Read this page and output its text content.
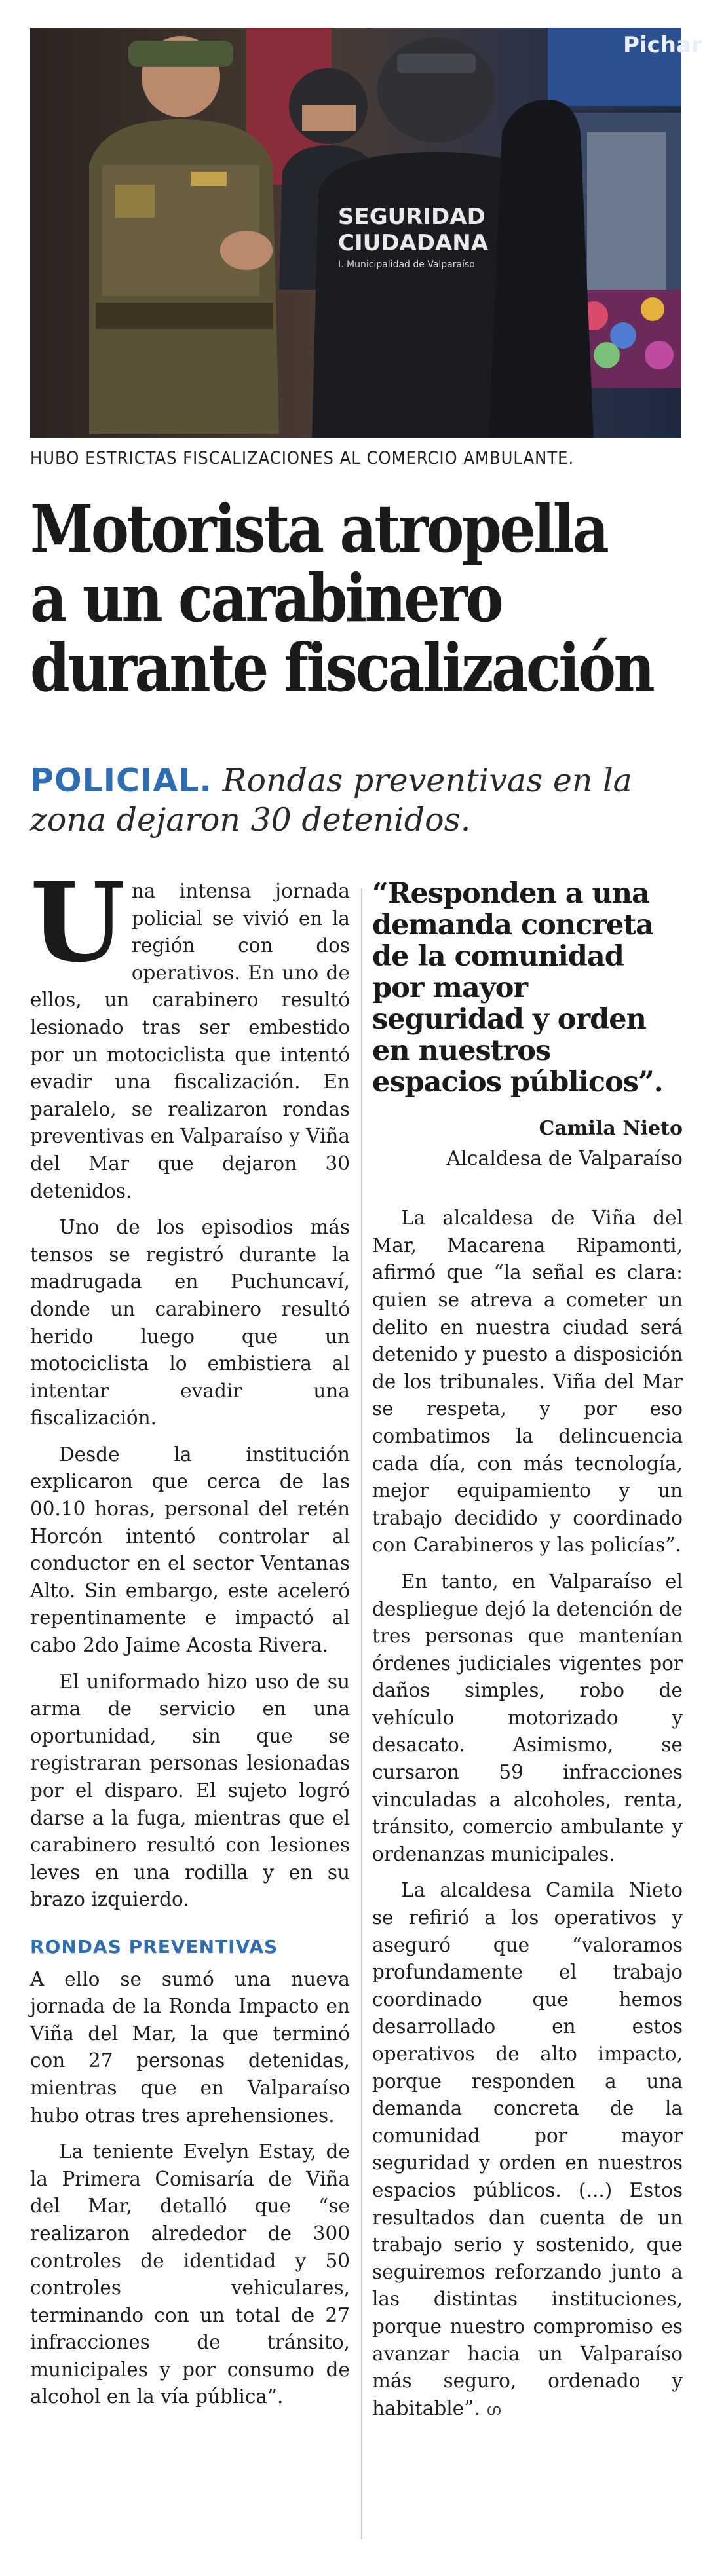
Pichar
SEGURIDAD
CIUDADANA
I. Municipalidad de Valparaíso
HUBO ESTRICTAS FISCALIZACIONES AL COMERCIO AMBULANTE.
Motorista atropella
a un carabinero
durante fiscalización
POLICIAL. Rondas preventivas en la zona dejaron 30 detenidos.

Una intensa jornada policial se vivió en la región con dos operativos. En uno de ellos, un carabinero resultó lesionado tras ser embestido por un motociclista que intentó evadir una fiscalización. En paralelo, se realizaron rondas preventivas en Valparaíso y Viña del Mar que dejaron 30 detenidos.

Uno de los episodios más tensos se registró durante la madrugada en Puchuncaví, donde un carabinero resultó herido luego que un motociclista lo embistiera al intentar evadir una fiscalización.

Desde la institución explicaron que cerca de las 00.10 horas, personal del retén Horcón intentó controlar al conductor en el sector Ventanas Alto. Sin embargo, este aceleró repentinamente e impactó al cabo 2do Jaime Acosta Rivera.

El uniformado hizo uso de su arma de servicio en una oportunidad, sin que se registraran personas lesionadas por el disparo. El sujeto logró darse a la fuga, mientras que el carabinero resultó con lesiones leves en una rodilla y en su brazo izquierdo.

RONDAS PREVENTIVAS

A ello se sumó una nueva jornada de la Ronda Impacto en Viña del Mar, la que terminó con 27 personas detenidas, mientras que en Valparaíso hubo otras tres aprehensiones.

La teniente Evelyn Estay, de la Primera Comisaría de Viña del Mar, detalló que “se realizaron alrededor de 300 controles de identidad y 50 controles vehiculares, terminando con un total de 27 infracciones de tránsito, municipales y por consumo de alcohol en la vía pública”.

“Responden a una demanda concreta de la comunidad por mayor seguridad y orden en nuestros espacios públicos”.
Camila Nieto
Alcaldesa de Valparaíso

La alcaldesa de Viña del Mar, Macarena Ripamonti, afirmó que “la señal es clara: quien se atreva a cometer un delito en nuestra ciudad será detenido y puesto a disposición de los tribunales. Viña del Mar se respeta, y por eso combatimos la delincuencia cada día, con más tecnología, mejor equipamiento y un trabajo decidido y coordinado con Carabineros y las policías”.

En tanto, en Valparaíso el despliegue dejó la detención de tres personas que mantenían órdenes judiciales vigentes por daños simples, robo de vehículo motorizado y desacato. Asimismo, se cursaron 59 infracciones vinculadas a alcoholes, renta, tránsito, comercio ambulante y ordenanzas municipales.

La alcaldesa Camila Nieto se refirió a los operativos y aseguró que “valoramos profundamente el trabajo coordinado que hemos desarrollado en estos operativos de alto impacto, porque responden a una demanda concreta de la comunidad por mayor seguridad y orden en nuestros espacios públicos. (...) Estos resultados dan cuenta de un trabajo serio y sostenido, que seguiremos reforzando junto a las distintas instituciones, porque nuestro compromiso es avanzar hacia un Valparaíso más seguro, ordenado y habitable”. ഗ
